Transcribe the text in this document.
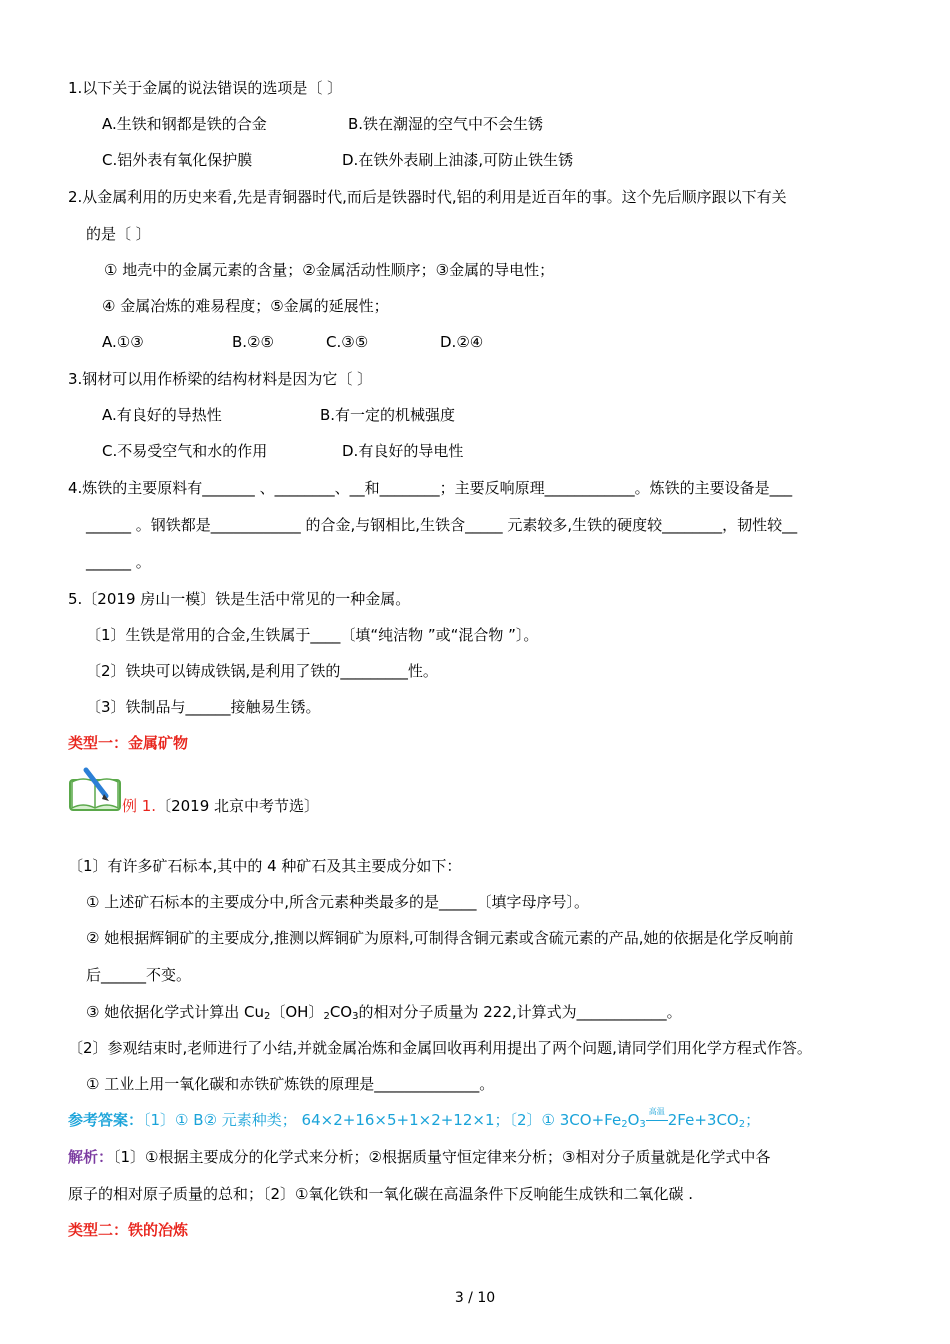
1.以下关于金属的说法错误的选项是〔 〕
A.生铁和钢都是铁的合金	B.铁在潮湿的空气中不会生锈
C.铝外表有氧化保护膜	D.在铁外表刷上油漆,可防止铁生锈
2.从金属利用的历史来看,先是青铜器时代,而后是铁器时代,铝的利用是近百年的事。这个先后顺序跟以下有关
的是〔 〕
① 地壳中的金属元素的含量；②金属活动性顺序；③金属的导电性；
④ 金属冶炼的难易程度；⑤金属的延展性；
A.①③	B.②⑤	C.③⑤	D.②④
3.钢材可以用作桥梁的结构材料是因为它〔 〕
A.有良好的导热性	B.有一定的机械强度
C.不易受空气和水的作用	D.有良好的导电性
4.炼铁的主要原料有_______ 、________、__和________；主要反响原理____________。炼铁的主要设备是___
______ 。钢铁都是____________ 的合金,与钢相比,生铁含_____ 元素较多,生铁的硬度较________，韧性较__
______ 。
5.〔2019 房山一模〕铁是生活中常见的一种金属。
〔1〕生铁是常用的合金,生铁属于____〔填“纯洁物 ”或“混合物 ”〕。
〔2〕铁块可以铸成铁锅,是利用了铁的_________性。
〔3〕铁制品与______接触易生锈。
类型一：金属矿物
例 1.〔2019 北京中考节选〕
〔1〕有许多矿石标本,其中的 4 种矿石及其主要成分如下：
① 上述矿石标本的主要成分中,所含元素种类最多的是_____〔填字母序号〕。
② 她根据辉铜矿的主要成分,推测以辉铜矿为原料,可制得含铜元素或含硫元素的产品,她的依据是化学反响前
后______不变。
③ 她依据化学式计算出 $Cu_2$〔OH〕$_2CO_3$的相对分子质量为 222,计算式为____________。
〔2〕参观结束时,老师进行了小结,并就金属冶炼和金属回收再利用提出了两个问题,请同学们用化学方程式作答。
① 工业上用一氧化碳和赤铁矿炼铁的原理是______________。
参考答案：〔1〕① B② 元素种类； 64×2+16×5+1×2+12×1；〔2〕① $3CO+Fe_2O_3$
高温 $2Fe+3CO_2$；
解析：〔1〕①根据主要成分的化学式来分析；②根据质量守恒定律来分析；③相对分子质量就是化学式中各
原子的相对原子质量的总和；〔2〕①氧化铁和一氧化碳在高温条件下反响能生成铁和二氧化碳 .
类型二：铁的冶炼
3 / 10
